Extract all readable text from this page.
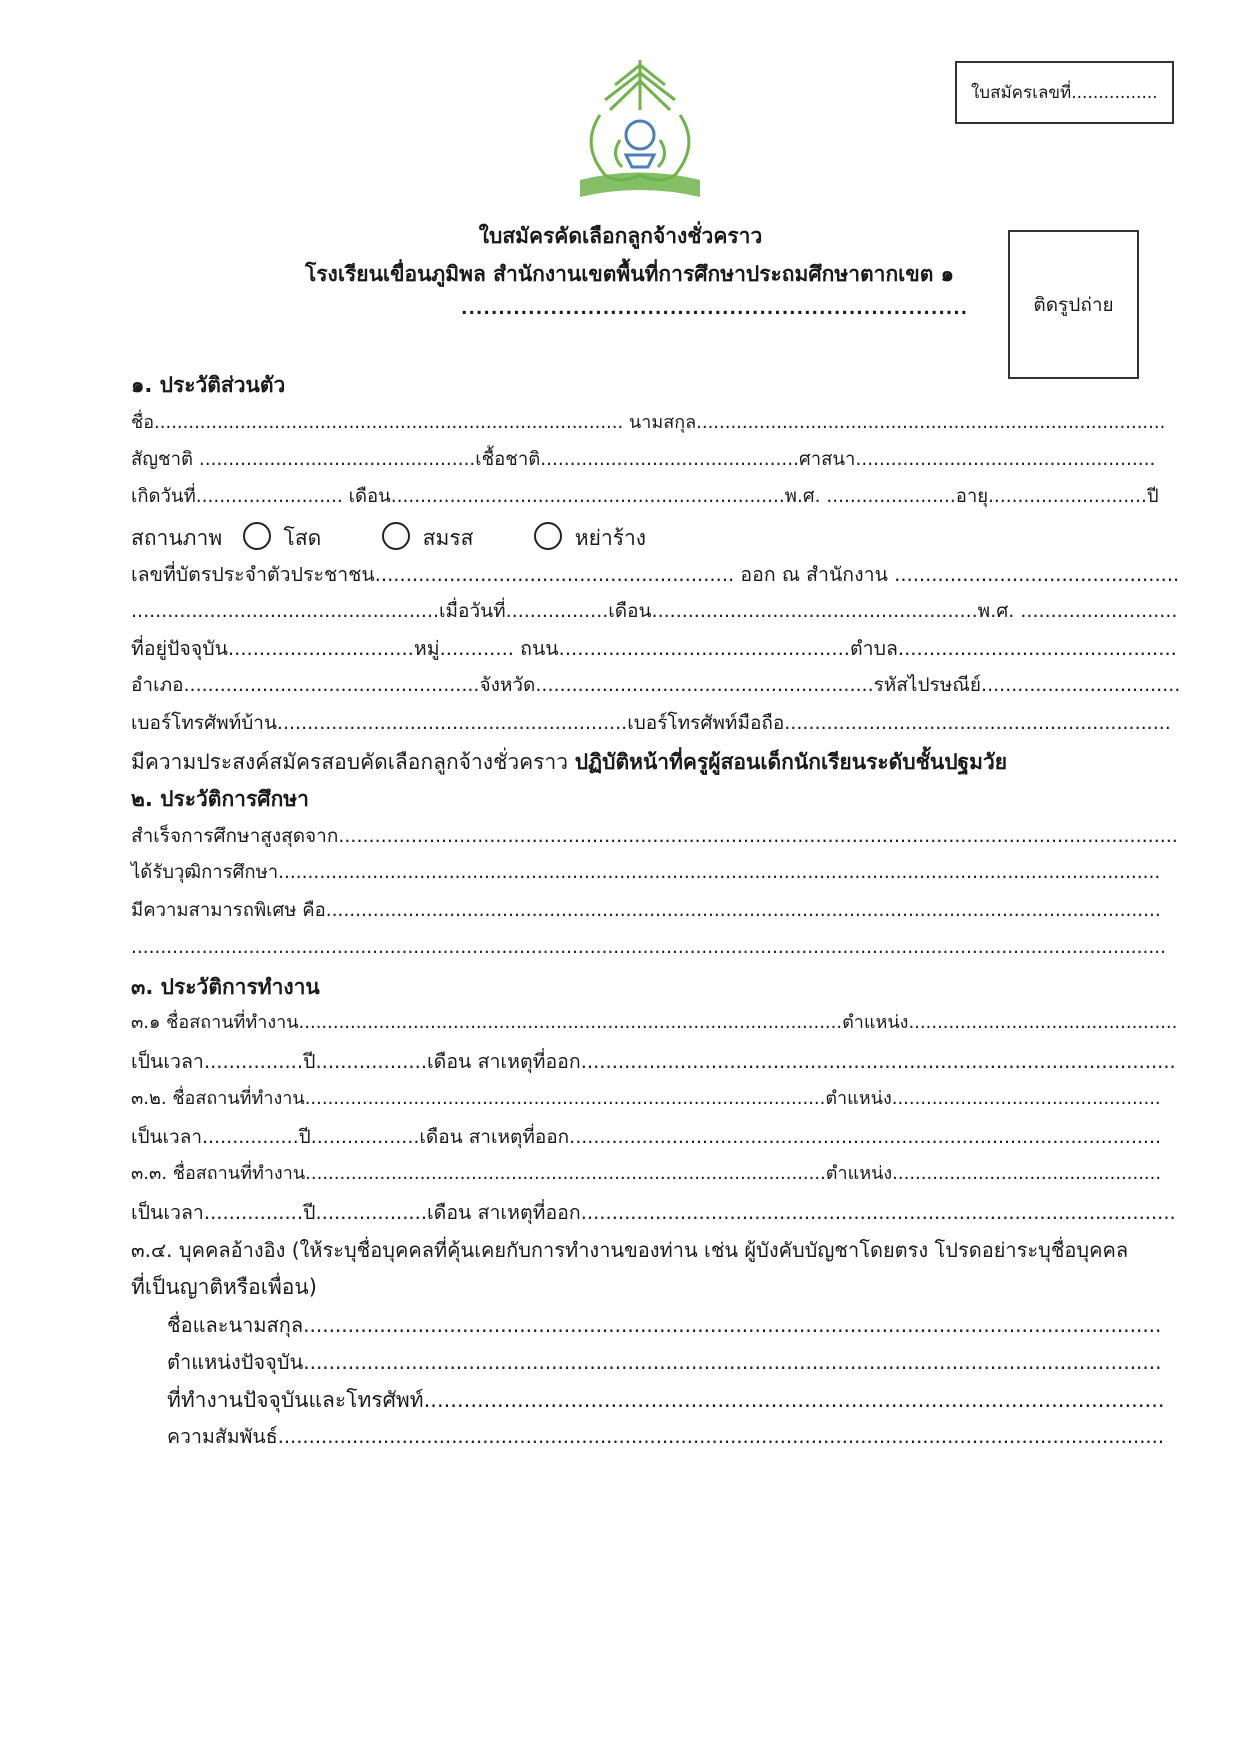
ใบสมัครเลขที่................
ติดรูปถ่าย
ใบสมัครคัดเลือกลูกจ้างชั่วคราว
โรงเรียนเขื่อนภูมิพล สำนักงานเขตพื้นที่การศึกษาประถมศึกษาตากเขต ๑
....................................................................
๑. ประวัติส่วนตัว
ชื่อ.................................................................................. นามสกุล..................................................................................
สัญชาติ ...............................................เชื้อชาติ............................................ศาสนา...................................................
เกิดวันที่......................... เดือน...................................................................พ.ศ. ......................อายุ...........................ปี
สถานภาพ	โสด	สมรส	หย่าร้าง
เลขที่บัตรประจำตัวประชาชน.......................................................... ออก ณ สำนักงาน ..............................................
...................................................เมื่อวันที่.................เดือน......................................................พ.ศ. ..........................
ที่อยู่ปัจจุบัน..............................หมู่............ ถนน...............................................ตำบล.............................................
อำเภอ.................................................จังหวัด........................................................รหัสไปรษณีย์.................................
เบอร์โทรศัพท์บ้าน..........................................................เบอร์โทรศัพท์มือถือ................................................................
มีความประสงค์สมัครสอบคัดเลือกลูกจ้างชั่วคราว ปฏิบัติหน้าที่ครูผู้สอนเด็กนักเรียนระดับชั้นปฐมวัย
๒. ประวัติการศึกษา
สำเร็จการศึกษาสูงสุดจาก...........................................................................................................................................
ได้รับวุฒิการศึกษา......................................................................................................................................................
มีความสามารถพิเศษ คือ..............................................................................................................................................
................................................................................................................................................................................
๓. ประวัติการทำงาน
๓.๑ ชื่อสถานที่ทำงาน...............................................................................................ตำแหน่ง...............................................
เป็นเวลา................ปี..................เดือน สาเหตุที่ออก................................................................................................
๓.๒. ชื่อสถานที่ทำงาน...........................................................................................ตำแหน่ง...............................................
เป็นเวลา................ปี..................เดือน สาเหตุที่ออก..................................................................................................
๓.๓. ชื่อสถานที่ทำงาน...........................................................................................ตำแหน่ง...............................................
เป็นเวลา................ปี..................เดือน สาเหตุที่ออก................................................................................................
๓.๔. บุคคลอ้างอิง (ให้ระบุชื่อบุคคลที่คุ้นเคยกับการทำงานของท่าน เช่น ผู้บังคับบัญชาโดยตรง โปรดอย่าระบุชื่อบุคคล
ที่เป็นญาติหรือเพื่อน)
ชื่อและนามสกุล.......................................................................................................................................
ตำแหน่งปัจจุบัน.......................................................................................................................................
ที่ทำงานปัจจุบันและโทรศัพท์...............................................................................................................
ความสัมพันธ์...............................................................................................................................................
